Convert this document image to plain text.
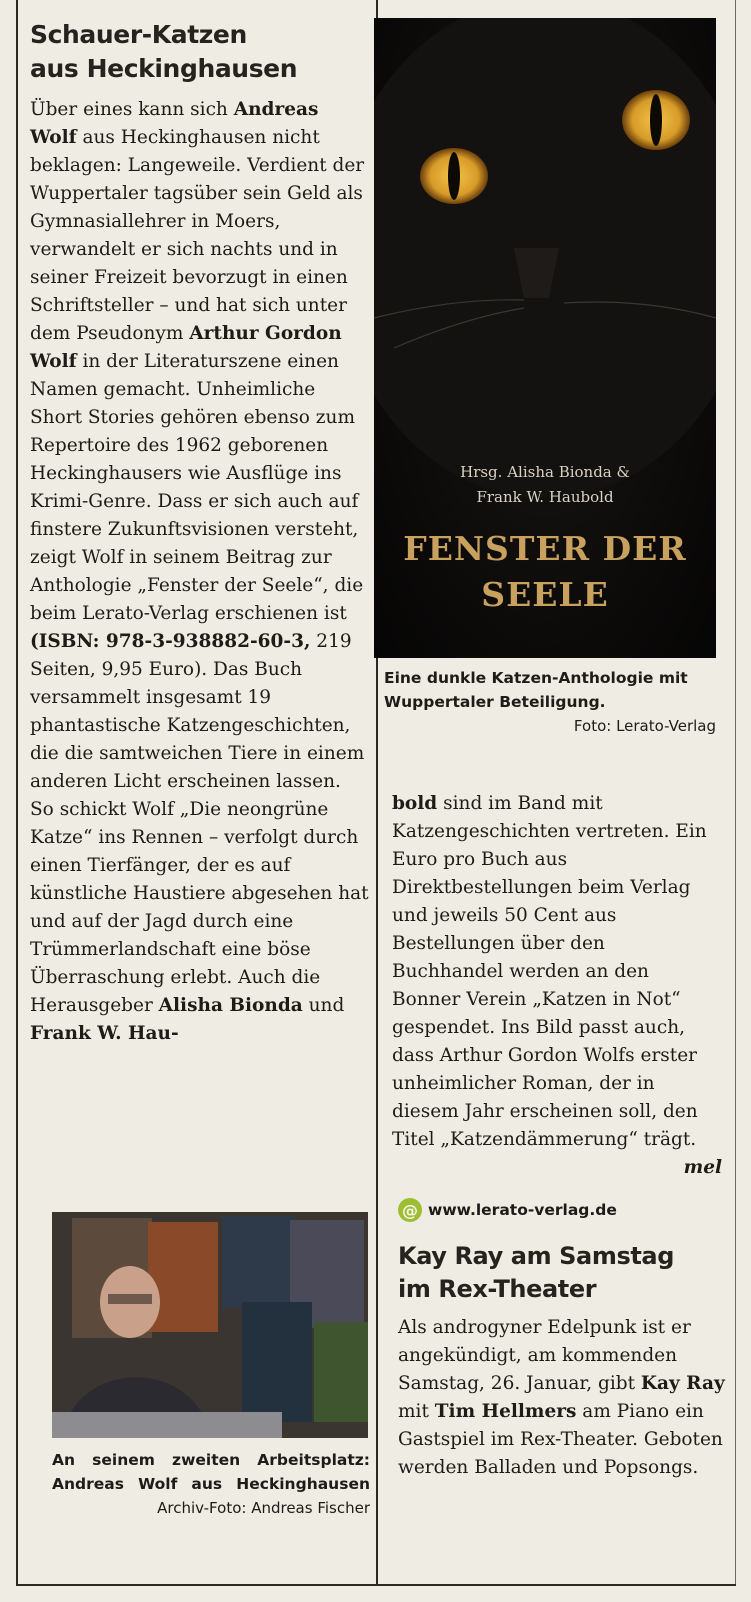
Schauer-Katzen
aus Heckinghausen

Über eines kann sich Andreas Wolf aus Heckinghausen nicht beklagen: Langeweile. Verdient der Wuppertaler tagsüber sein Geld als Gymnasiallehrer in Moers, verwandelt er sich nachts und in seiner Freizeit bevorzugt in einen Schriftsteller – und hat sich unter dem Pseudonym Arthur Gordon Wolf in der Literaturszene einen Namen gemacht. Unheimliche Short Stories gehören ebenso zum Repertoire des 1962 geborenen Heckinghausers wie Ausflüge ins Krimi-Genre. Dass er sich auch auf finstere Zukunftsvisionen versteht, zeigt Wolf in seinem Beitrag zur Anthologie „Fenster der Seele“, die beim Lerato-Verlag erschienen ist (ISBN: 978-3-938882-60-3, 219 Seiten, 9,95 Euro). Das Buch versammelt insgesamt 19 phantastische Katzengeschichten, die die samtweichen Tiere in einem anderen Licht erscheinen lassen. So schickt Wolf „Die neongrüne Katze“ ins Rennen – verfolgt durch einen Tierfänger, der es auf künstliche Haustiere abgesehen hat und auf der Jagd durch eine Trümmerlandschaft eine böse Überraschung erlebt. Auch die Herausgeber Alisha Bionda und Frank W. Hau-

An seinem zweiten Arbeitsplatz:
Andreas Wolf aus Heckinghausen
Archiv-Foto: Andreas Fischer
Hrsg. Alisha Bionda &
Frank W. Haubold
FENSTER DER
SEELE
Eine dunkle Katzen-Anthologie mit Wuppertaler Beteiligung.
Foto: Lerato-Verlag

bold sind im Band mit Katzengeschichten vertreten. Ein Euro pro Buch aus Direktbestellungen beim Verlag und jeweils 50 Cent aus Bestellungen über den Buchhandel werden an den Bonner Verein „Katzen in Not“ gespendet. Ins Bild passt auch, dass Arthur Gordon Wolfs erster unheimlicher Roman, der in diesem Jahr erscheinen soll, den Titel „Katzendämmerung“ trägt.
mel

@ www.lerato-verlag.de
Kay Ray am Samstag
im Rex-Theater

Als androgyner Edelpunk ist er angekündigt, am kommenden Samstag, 26. Januar, gibt Kay Ray mit Tim Hellmers am Piano ein Gastspiel im Rex-Theater. Geboten werden Balladen und Popsongs.
